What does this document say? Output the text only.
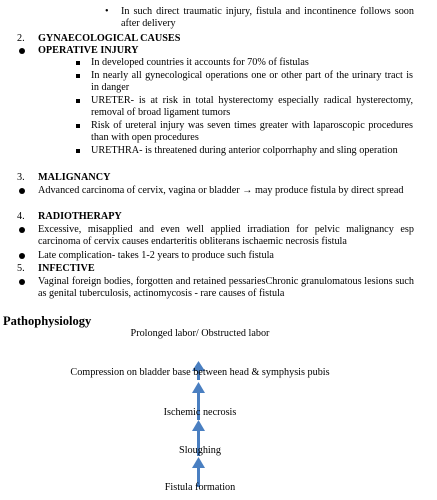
• In such direct traumatic injury, fistula and incontinence follows soon after delivery
2.	GYNAECOLOGICAL CAUSES
OPERATIVE INJURY
In developed countries it accounts for 70% of fistulas
In nearly all gynecological operations one or other part of the urinary tract is in danger
URETER- is at risk in total hysterectomy especially radical hysterectomy, removal of broad ligament tumors
Risk of ureteral injury was seven times greater with laparoscopic procedures than with open procedures
URETHRA- is threatened during anterior colporrhaphy and sling operation
3.	MALIGNANCY
Advanced carcinoma of cervix, vagina or bladder → may produce fistula by direct spread
4.	RADIOTHERAPY
Excessive, misapplied and even well applied irradiation for pelvic malignancy esp carcinoma of cervix causes endarteritis obliterans ischaemic necrosis fistula
Late complication- takes 1-2 years to produce such fistula
5.	INFECTIVE
Vaginal foreign bodies, forgotten and retained pessariesChronic granulomatous lesions such as genital tuberculosis, actinomycosis - rare causes of fistula
Pathophysiology
Prolonged labor/ Obstructed labor
Compression on bladder base between head & symphysis pubis
Ischemic necrosis
Sloughing
Fistula formation
